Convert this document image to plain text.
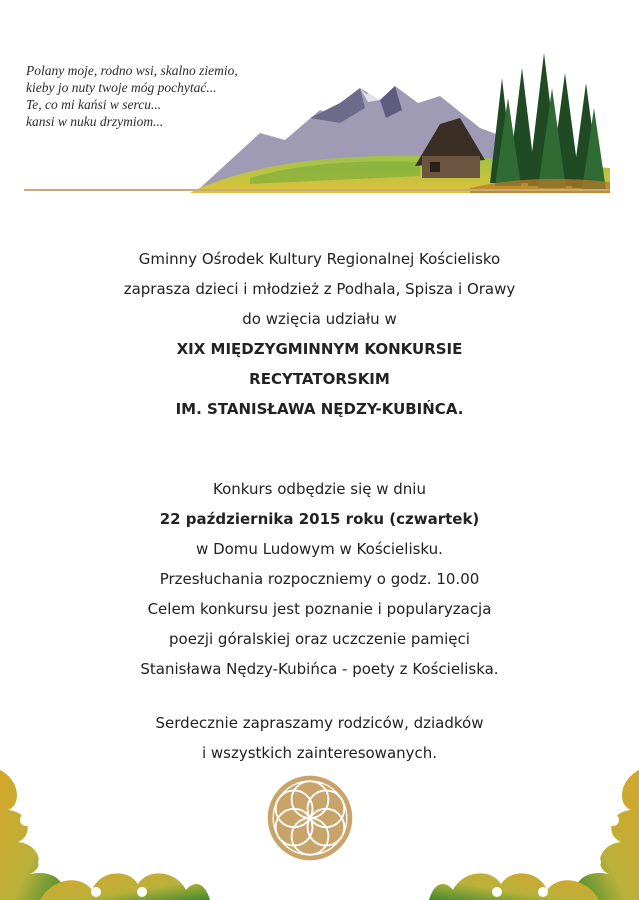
Polany moje, rodno wsi, skalno ziemio,
kieby jo nuty twoje móg pochytać...
Te, co mi kańsi w sercu...
kansi w nuku drzymiom...
Gminny Ośrodek Kultury Regionalnej Kościelisko
zaprasza dzieci i młodzież z Podhala, Spisza i Orawy
do wzięcia udziału w
XIX MIĘDZYGMINNYM KONKURSIE
RECYTATORSKIM
IM. STANISŁAWA NĘDZY-KUBIŃCA.
Konkurs odbędzie się w dniu
22 października 2015 roku (czwartek)
w Domu Ludowym w Kościelisku.
Przesłuchania rozpoczniemy o godz. 10.00
Celem konkursu jest poznanie i popularyzacja
poezji góralskiej oraz uczczenie pamięci
Stanisława Nędzy-Kubińca - poety z Kościeliska.
Serdecznie zapraszamy rodziców, dziadków
i wszystkich zainteresowanych.
